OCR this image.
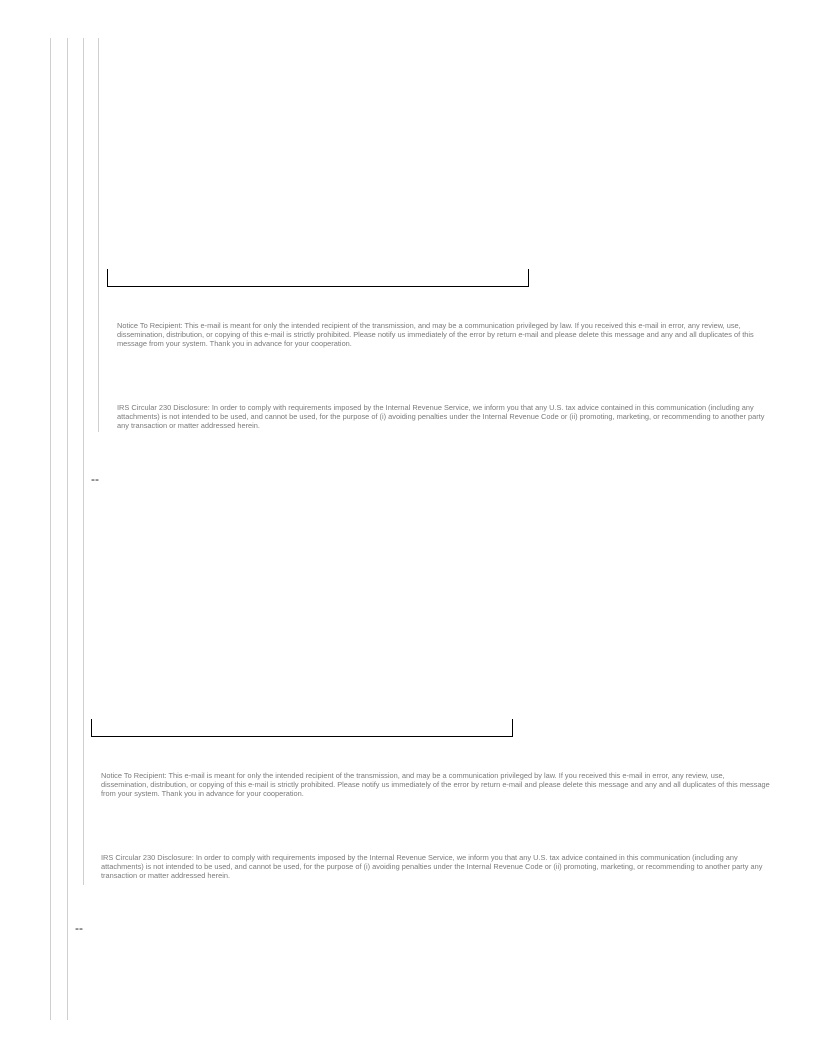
Notice To Recipient: This e-mail is meant for only the intended recipient of the transmission, and may be a communication privileged by law. If you received this e-mail in error, any review, use, dissemination, distribution, or copying of this e-mail is strictly prohibited. Please notify us immediately of the error by return e-mail and please delete this message and any and all duplicates of this message from your system. Thank you in advance for your cooperation.

IRS Circular 230 Disclosure: In order to comply with requirements imposed by the Internal Revenue Service, we inform you that any U.S. tax advice contained in this communication (including any attachments) is not intended to be used, and cannot be used, for the purpose of (i) avoiding penalties under the Internal Revenue Code or (ii) promoting, marketing, or recommending to another party any transaction or matter addressed herein.

--

Notice To Recipient: This e-mail is meant for only the intended recipient of the transmission, and may be a communication privileged by law. If you received this e-mail in error, any review, use, dissemination, distribution, or copying of this e-mail is strictly prohibited. Please notify us immediately of the error by return e-mail and please delete this message and any and all duplicates of this message from your system. Thank you in advance for your cooperation.

IRS Circular 230 Disclosure: In order to comply with requirements imposed by the Internal Revenue Service, we inform you that any U.S. tax advice contained in this communication (including any attachments) is not intended to be used, and cannot be used, for the purpose of (i) avoiding penalties under the Internal Revenue Code or (ii) promoting, marketing, or recommending to another party any transaction or matter addressed herein.

--
